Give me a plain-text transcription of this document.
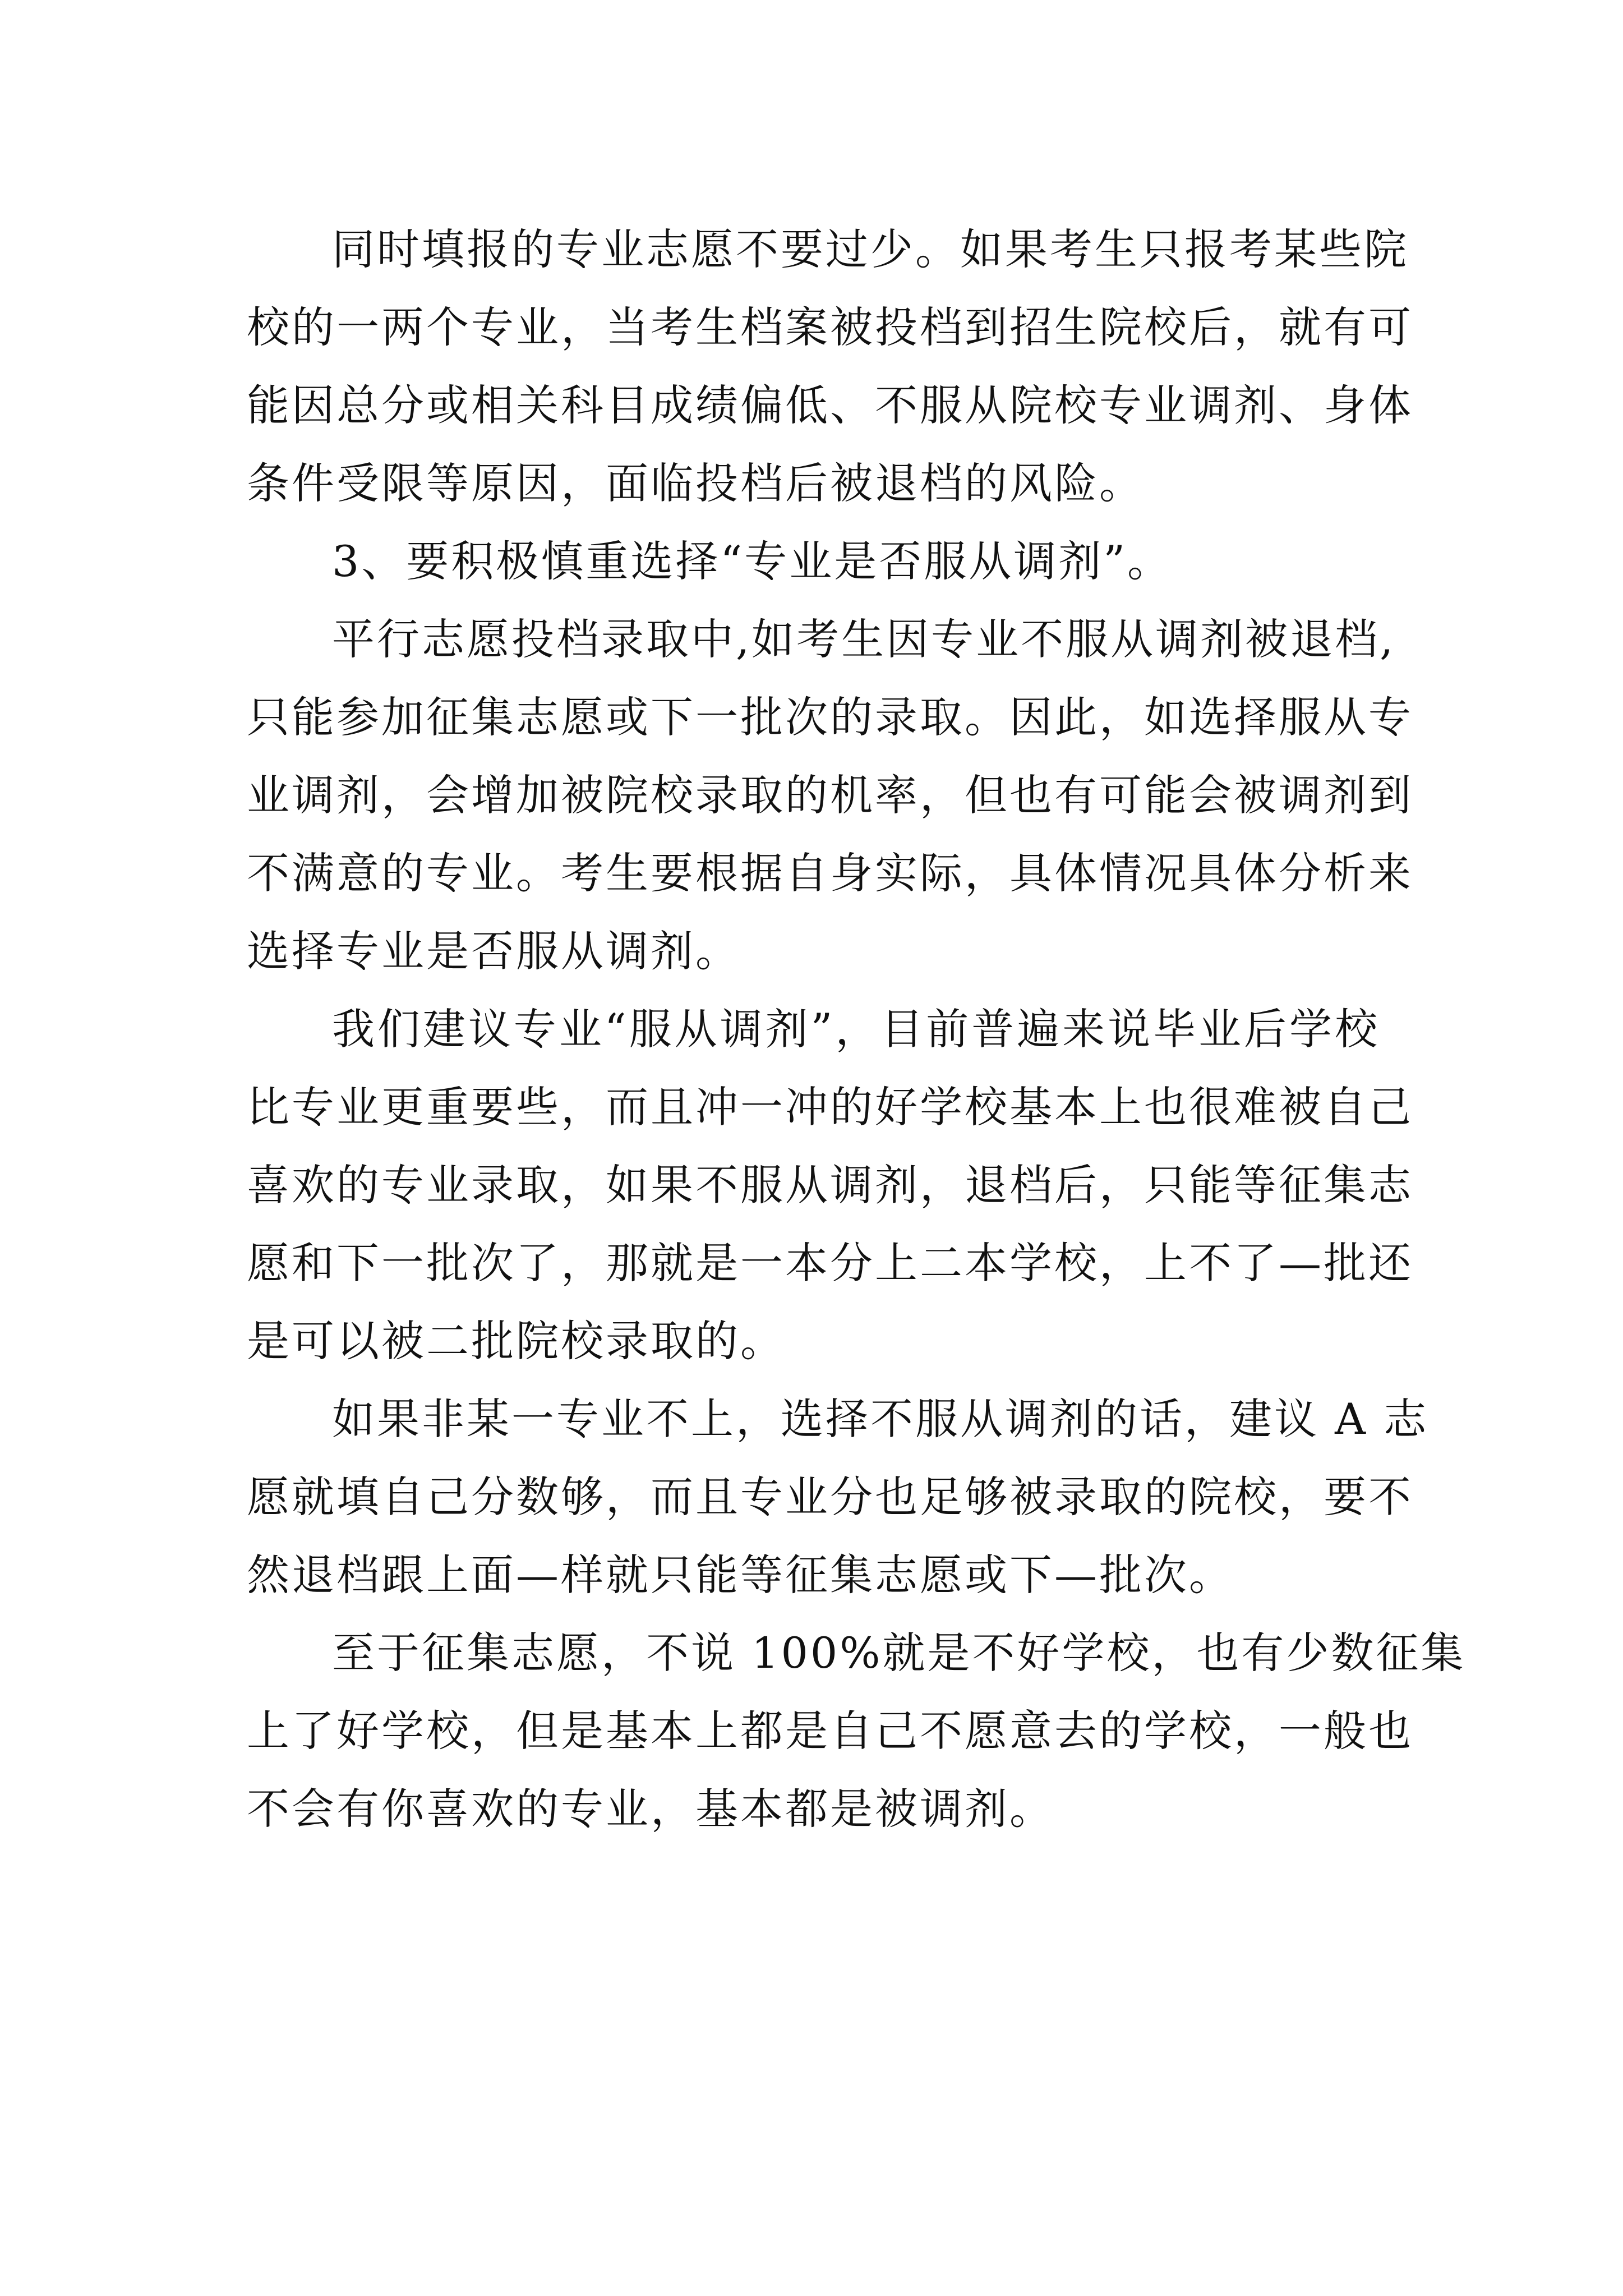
同时填报的专业志愿不要过少。如果考生只报考某些院
校的一两个专业，当考生档案被投档到招生院校后，就有可
能因总分或相关科目成绩偏低、不服从院校专业调剂、身体
条件受限等原因，面临投档后被退档的风险。
3、要积极慎重选择“专业是否服从调剂”。
平行志愿投档录取中,如考生因专业不服从调剂被退档,
只能参加征集志愿或下一批次的录取。因此，如选择服从专
业调剂，会增加被院校录取的机率，但也有可能会被调剂到
不满意的专业。考生要根据自身实际，具体情况具体分析来
选择专业是否服从调剂。
我们建议专业“服从调剂”，目前普遍来说毕业后学校
比专业更重要些，而且冲一冲的好学校基本上也很难被自己
喜欢的专业录取，如果不服从调剂，退档后，只能等征集志
愿和下一批次了，那就是一本分上二本学校，上不了—批还
是可以被二批院校录取的。
如果非某一专业不上，选择不服从调剂的话，建议 A 志
愿就填自己分数够，而且专业分也足够被录取的院校，要不
然退档跟上面—样就只能等征集志愿或下—批次。
至于征集志愿，不说 100%就是不好学校，也有少数征集
上了好学校，但是基本上都是自己不愿意去的学校，一般也
不会有你喜欢的专业，基本都是被调剂。
